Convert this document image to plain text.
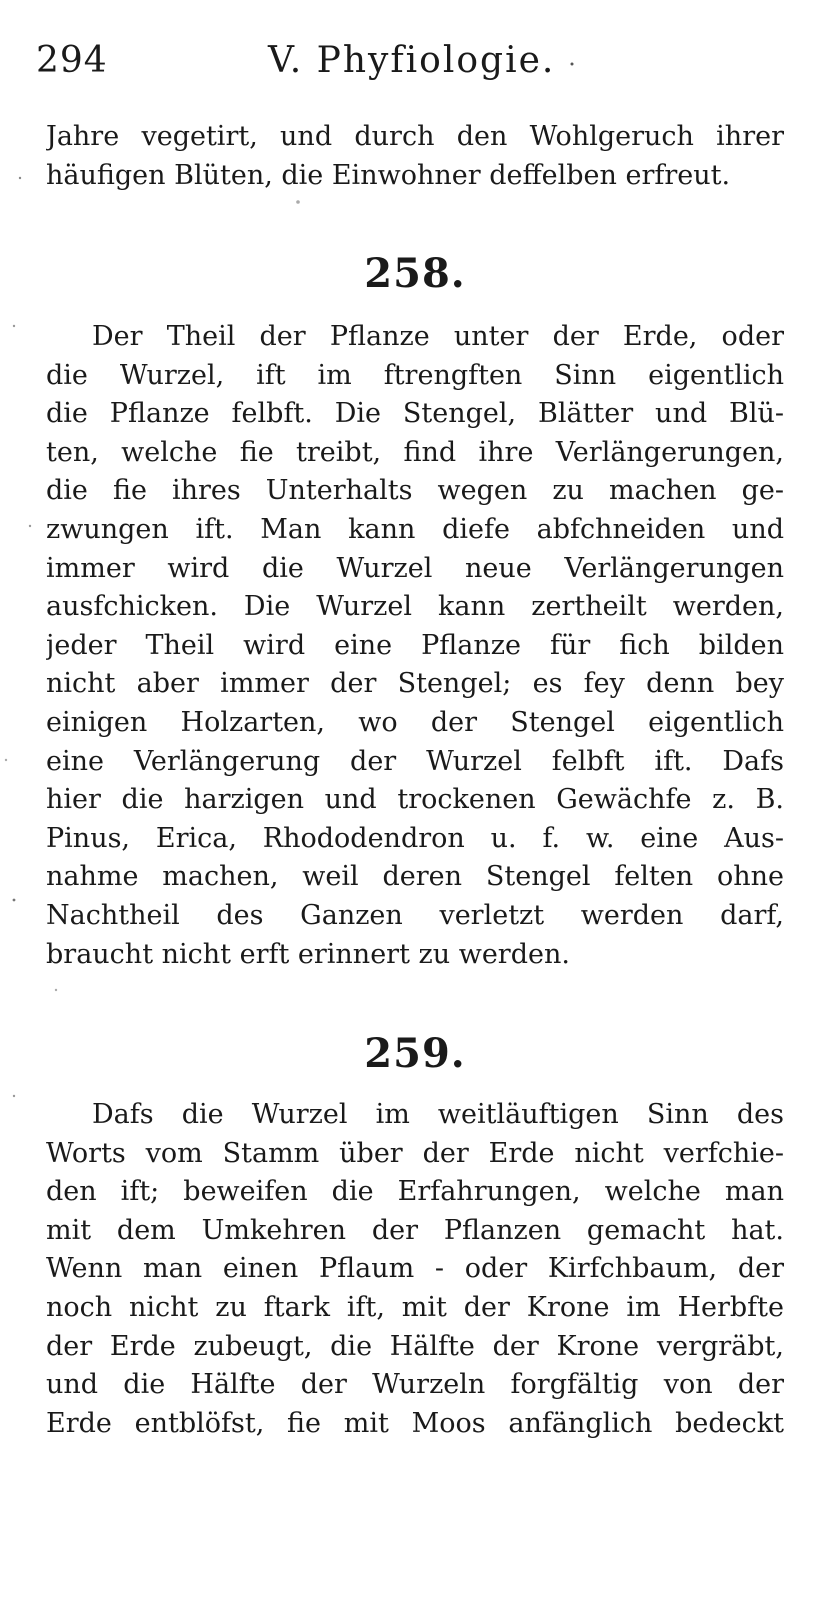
294	V. Phyfiologie.
Jahre vegetirt, und durch den Wohlgeruch ihrer
häufigen Blüten, die Einwohner deffelben erfreut.
258.
Der Theil der Pflanze unter der Erde, oder
die Wurzel, ift im ftrengften Sinn eigentlich
die Pflanze felbft. Die Stengel, Blätter und Blü-
ten, welche fie treibt, find ihre Verlängerungen,
die fie ihres Unterhalts wegen zu machen ge-
zwungen ift. Man kann diefe abfchneiden und
immer wird die Wurzel neue Verlängerungen
ausfchicken. Die Wurzel kann zertheilt werden,
jeder Theil wird eine Pflanze für fich bilden
nicht aber immer der Stengel; es fey denn bey
einigen Holzarten, wo der Stengel eigentlich
eine Verlängerung der Wurzel felbft ift. Dafs
hier die harzigen und trockenen Gewächfe z. B.
Pinus, Erica, Rhododendron u. f. w. eine Aus-
nahme machen, weil deren Stengel felten ohne
Nachtheil des Ganzen verletzt werden darf,
braucht nicht erft erinnert zu werden.
259.
Dafs die Wurzel im weitläuftigen Sinn des
Worts vom Stamm über der Erde nicht verfchie-
den ift; beweifen die Erfahrungen, welche man
mit dem Umkehren der Pflanzen gemacht hat.
Wenn man einen Pflaum - oder Kirfchbaum, der
noch nicht zu ftark ift, mit der Krone im Herbfte
der Erde zubeugt, die Hälfte der Krone vergräbt,
und die Hälfte der Wurzeln forgfältig von der
Erde entblöfst, fie mit Moos anfänglich bedeckt
